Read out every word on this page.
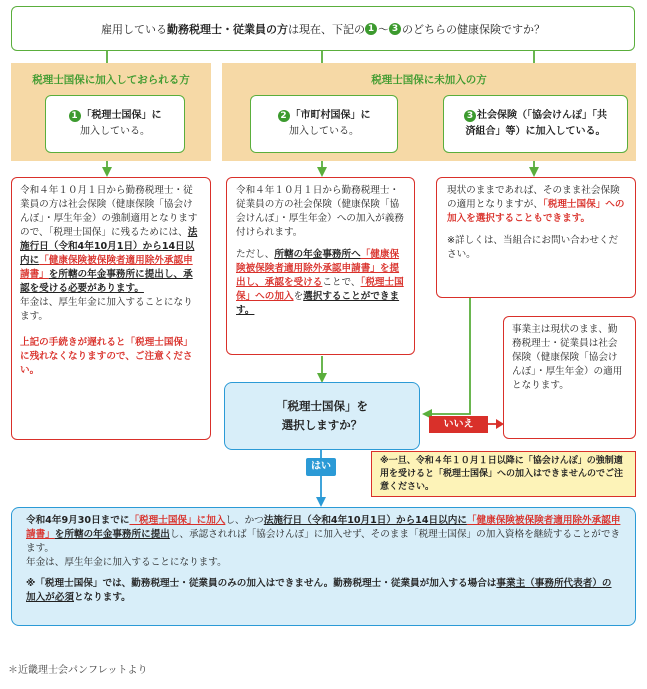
雇用している 勤務税理士・従業員の方 は現在、下記の 1 ～ 3 のどちらの健康保険ですか？
税理士国保に加入しておられる方	税理士国保に未加入の方
1 「税理士国保」に
加入している。
2 「市町村国保」に
加入している。
3 社会保険（「協会けんぽ」「共
済組合」等）に加入している。
令和４年１０月１日から勤務税理士・従業員の方は社会保険（健康保険「協会けんぽ」・厚生年金）の強制適用となりますので、「税理士国保」に残るためには、法施行日（令和4年10月1日）から14日以内に「健康保険被保険者適用除外承認申請書」を所轄の年金事務所に提出し、承認を受ける必要があります。
年金は、厚生年金に加入することになります。

上記の手続きが遅れると「税理士国保」に残れなくなりますので、ご注意ください。
令和４年１０月１日から勤務税理士・従業員の方の社会保険（健康保険「協会けんぽ」・厚生年金）への加入が義務付けられます。
ただし、所轄の年金事務所へ「健康保険被保険者適用除外承認申請書」を提出し、承認を受けることで、「税理士国保」への加入を選択することができます。
現状のままであれば、そのまま社会保険の適用となりますが、「税理士国保」への加入を選択することもできます。
※詳しくは、当組合にお問い合わせください。
事業主は現状のまま、勤務税理士・従業員は社会保険（健康保険「協会けんぽ」・厚生年金）の適用となります。
「税理士国保」を
選択しますか？	いいえ
はい	※一旦、令和４年１０月１日以降に「協会けんぽ」の強制適用を受けると「税理士国保」への加入はできませんのでご注意ください。
令和4年9月30日までに「税理士国保」に加入し、かつ法施行日（令和4年10月1日）から14日以内に「健康保険被保険者適用除外承認申請書」を所轄の年金事務所に提出し、承認されれば「協会けんぽ」に加入せず、そのまま「税理士国保」の加入資格を継続することができます。
年金は、厚生年金に加入することになります。
※「税理士国保」では、勤務税理士・従業員のみの加入はできません。勤務税理士・従業員が加入する場合は事業主（事務所代表者）の加入が必須となります。
＊近畿理士会パンフレットより
